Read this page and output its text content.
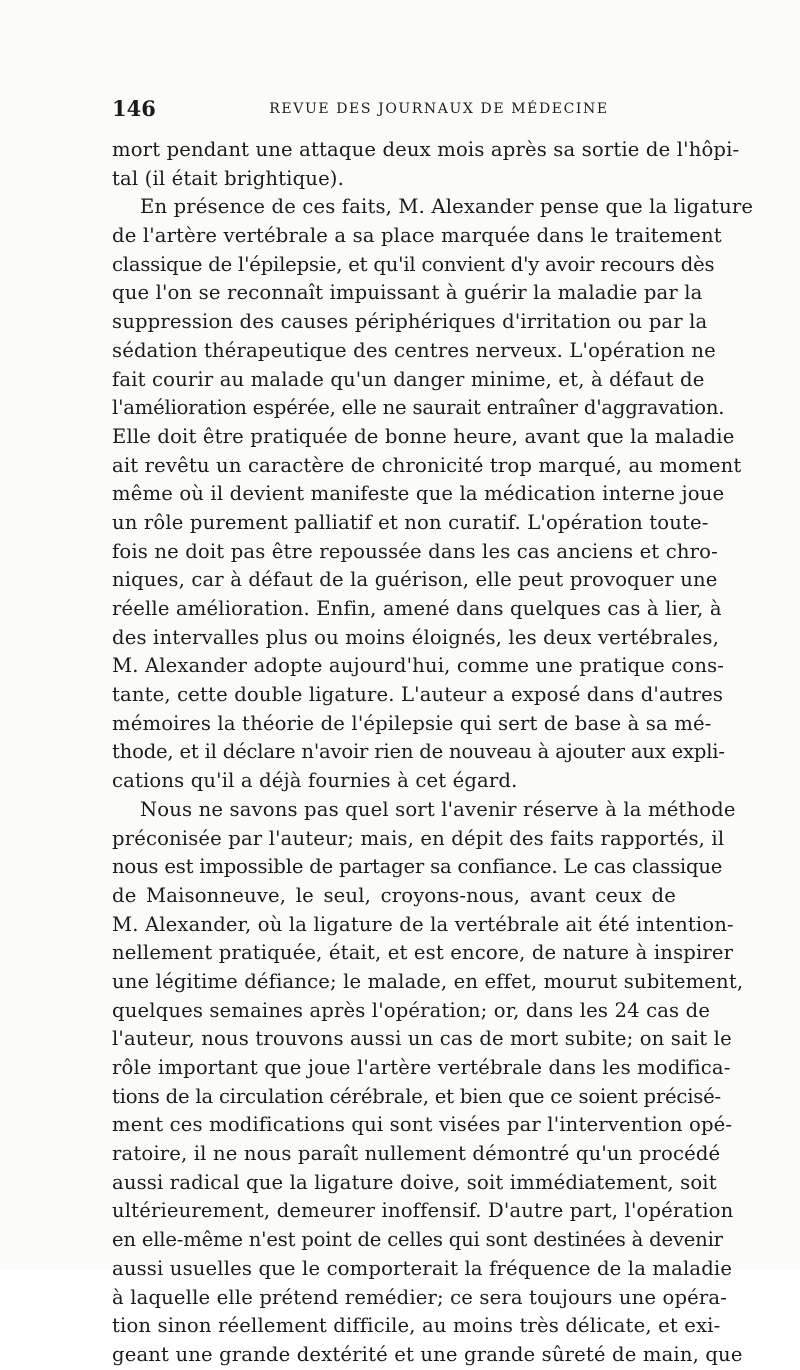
146	REVUE DES JOURNAUX DE MÉDECINE
mort pendant une attaque deux mois après sa sortie de l'hôpi-
tal (il était brightique).
En présence de ces faits, M. Alexander pense que la ligature
de l'artère vertébrale a sa place marquée dans le traitement
classique de l'épilepsie, et qu'il convient d'y avoir recours dès
que l'on se reconnaît impuissant à guérir la maladie par la
suppression des causes périphériques d'irritation ou par la
sédation thérapeutique des centres nerveux. L'opération ne
fait courir au malade qu'un danger minime, et, à défaut de
l'amélioration espérée, elle ne saurait entraîner d'aggravation.
Elle doit être pratiquée de bonne heure, avant que la maladie
ait revêtu un caractère de chronicité trop marqué, au moment
même où il devient manifeste que la médication interne joue
un rôle purement palliatif et non curatif. L'opération toute-
fois ne doit pas être repoussée dans les cas anciens et chro-
niques, car à défaut de la guérison, elle peut provoquer une
réelle amélioration. Enfin, amené dans quelques cas à lier, à
des intervalles plus ou moins éloignés, les deux vertébrales,
M. Alexander adopte aujourd'hui, comme une pratique cons-
tante, cette double ligature. L'auteur a exposé dans d'autres
mémoires la théorie de l'épilepsie qui sert de base à sa mé-
thode, et il déclare n'avoir rien de nouveau à ajouter aux expli-
cations qu'il a déjà fournies à cet égard.
Nous ne savons pas quel sort l'avenir réserve à la méthode
préconisée par l'auteur; mais, en dépit des faits rapportés, il
nous est impossible de partager sa confiance. Le cas classique
de Maisonneuve, le seul, croyons-nous, avant ceux de
M. Alexander, où la ligature de la vertébrale ait été intention-
nellement pratiquée, était, et est encore, de nature à inspirer
une légitime défiance; le malade, en effet, mourut subitement,
quelques semaines après l'opération; or, dans les 24 cas de
l'auteur, nous trouvons aussi un cas de mort subite; on sait le
rôle important que joue l'artère vertébrale dans les modifica-
tions de la circulation cérébrale, et bien que ce soient précisé-
ment ces modifications qui sont visées par l'intervention opé-
ratoire, il ne nous paraît nullement démontré qu'un procédé
aussi radical que la ligature doive, soit immédiatement, soit
ultérieurement, demeurer inoffensif. D'autre part, l'opération
en elle-même n'est point de celles qui sont destinées à devenir
aussi usuelles que le comporterait la fréquence de la maladie
à laquelle elle prétend remédier; ce sera toujours une opéra-
tion sinon réellement difficile, au moins très délicate, et exi-
geant une grande dextérité et une grande sûreté de main, que
